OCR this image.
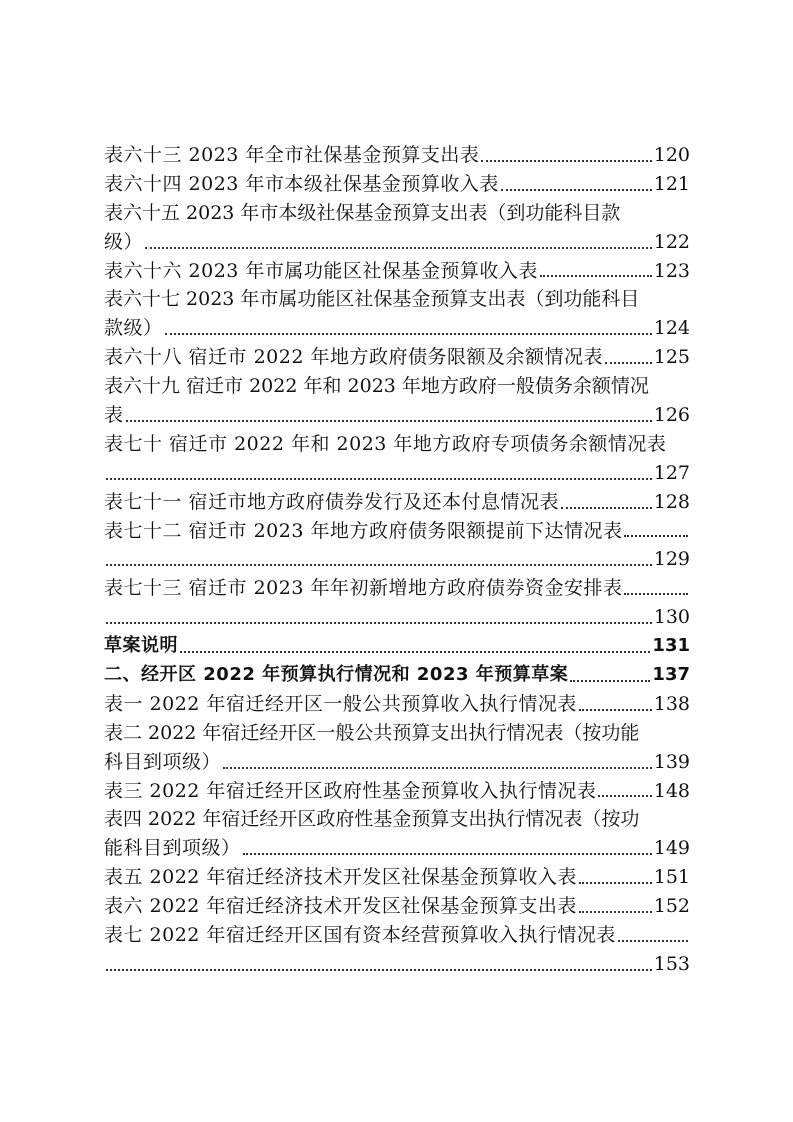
表六十三 2023 年全市社保基金预算支出表	120
表六十四 2023 年市本级社保基金预算收入表	121
表六十五 2023 年市本级社保基金预算支出表（到功能科目款
级）	122
表六十六 2023 年市属功能区社保基金预算收入表	123
表六十七 2023 年市属功能区社保基金预算支出表（到功能科目
款级）	124
表六十八 宿迁市 2022 年地方政府债务限额及余额情况表	125
表六十九 宿迁市 2022 年和 2023 年地方政府一般债务余额情况
表	126
表七十 宿迁市 2022 年和 2023 年地方政府专项债务余额情况表
127
表七十一 宿迁市地方政府债券发行及还本付息情况表	128
表七十二 宿迁市 2023 年地方政府债务限额提前下达情况表
129
表七十三 宿迁市 2023 年年初新增地方政府债券资金安排表
130
草案说明	131
二、经开区 2022 年预算执行情况和 2023 年预算草案	137
表一 2022 年宿迁经开区一般公共预算收入执行情况表	138
表二 2022 年宿迁经开区一般公共预算支出执行情况表（按功能
科目到项级）	139
表三 2022 年宿迁经开区政府性基金预算收入执行情况表	148
表四 2022 年宿迁经开区政府性基金预算支出执行情况表（按功
能科目到项级）	149
表五 2022 年宿迁经济技术开发区社保基金预算收入表	151
表六 2022 年宿迁经济技术开发区社保基金预算支出表	152
表七 2022 年宿迁经开区国有资本经营预算收入执行情况表
153
